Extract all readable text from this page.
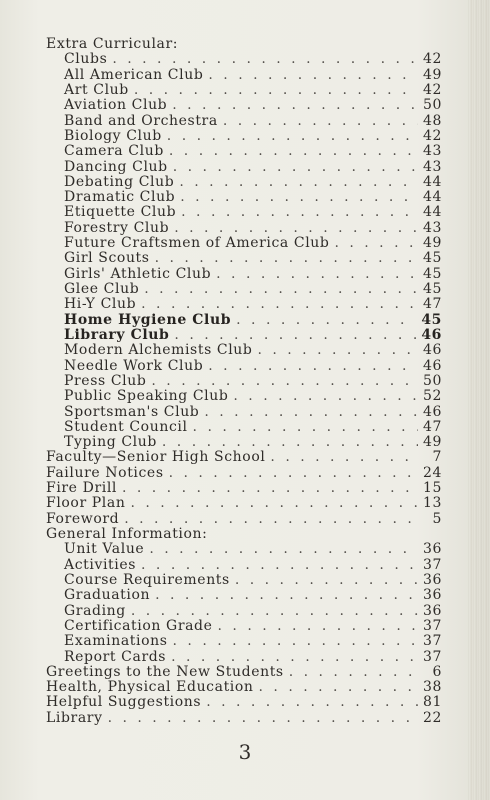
Extra Curricular:
Clubs . . .	42
All American Club . . .	49
Art Club . . .	42
Aviation Club . . .	50
Band and Orchestra . . .	48
Biology Club . . .	42
Camera Club . . .	43
Dancing Club . . .	43
Debating Club . . .	44
Dramatic Club . . .	44
Etiquette Club . . .	44
Forestry Club . . .	43
Future Craftsmen of America Club . . .	49
Girl Scouts . . .	45
Girls' Athletic Club . . .	45
Glee Club . . .	45
Hi-Y Club . . .	47
Home Hygiene Club . . .	45
Library Club . . .	46
Modern Alchemists Club . . .	46
Needle Work Club . . .	46
Press Club . . .	50
Public Speaking Club . . .	52
Sportsman's Club . . .	46
Student Council . . .	47
Typing Club . . .	49
Faculty—Senior High School . . .	7
Failure Notices . . .	24
Fire Drill . . .	15
Floor Plan . . .	13
Foreword . . .	5
General Information:
Unit Value . . .	36
Activities . . .	37
Course Requirements . . .	36
Graduation . . .	36
Grading . . .	36
Certification Grade . . .	37
Examinations . . .	37
Report Cards . . .	37
Greetings to the New Students . . .	6
Health, Physical Education . . .	38
Helpful Suggestions . . .	81
Library . . .	22
3
